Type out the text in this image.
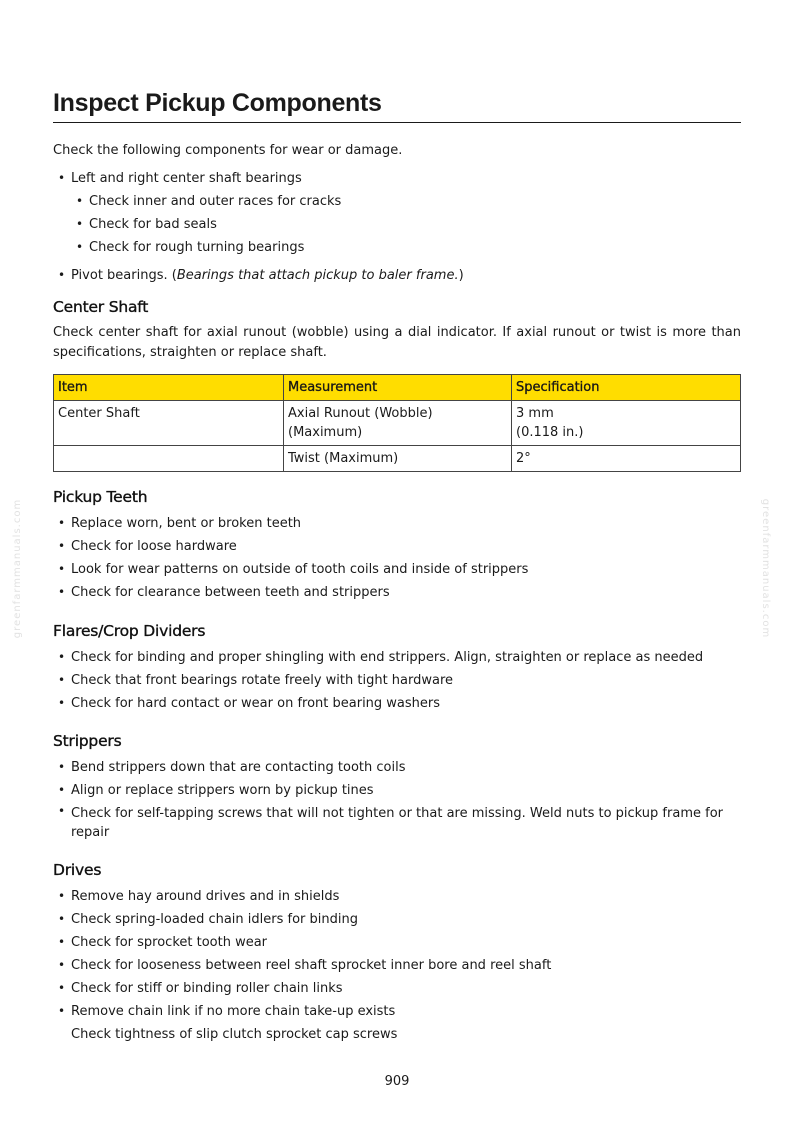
Inspect Pickup Components

Check the following components for wear or damage.

• Left and right center shaft bearings
• Check inner and outer races for cracks
• Check for bad seals
• Check for rough turning bearings
• Pivot bearings. (Bearings that attach pickup to baler frame.)
Center Shaft

Check center shaft for axial runout (wobble) using a dial indicator. If axial runout or twist is more than specifications, straighten or replace shaft.

Item	Measurement	Specification
Center Shaft	Axial Runout (Wobble) (Maximum)	3 mm
(0.118 in.)

	Twist (Maximum)	2°
Pickup Teeth
• Replace worn, bent or broken teeth
• Check for loose hardware
• Look for wear patterns on outside of tooth coils and inside of strippers
• Check for clearance between teeth and strippers
Flares/Crop Dividers
• Check for binding and proper shingling with end strippers. Align, straighten or replace as needed
• Check that front bearings rotate freely with tight hardware
• Check for hard contact or wear on front bearing washers
Strippers
• Bend strippers down that are contacting tooth coils
• Align or replace strippers worn by pickup tines
• Check for self-tapping screws that will not tighten or that are missing. Weld nuts to pickup frame for repair
Drives
• Remove hay around drives and in shields
• Check spring-loaded chain idlers for binding
• Check for sprocket tooth wear
• Check for looseness between reel shaft sprocket inner bore and reel shaft
• Check for stiff or binding roller chain links
• Remove chain link if no more chain take-up exists
Check tightness of slip clutch sprocket cap screws
greenfarmmanuals.com	greenfarmmanuals.com
909
